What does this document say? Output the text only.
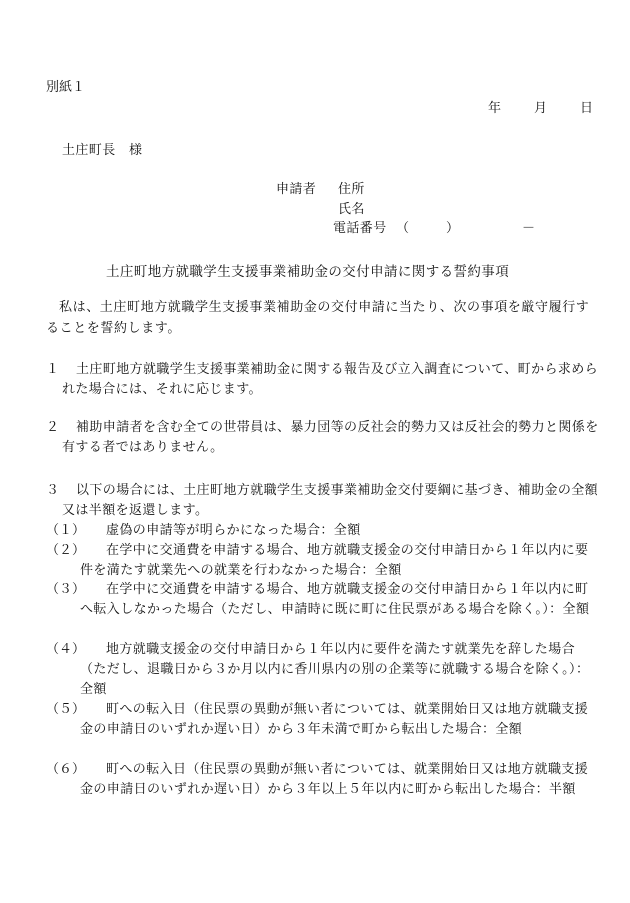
別紙１
年	月	日
土庄町長　様
申請者 住所
氏名
電話番号 （	）	－
土庄町地方就職学生支援事業補助金の交付申請に関する誓約事項
私は、土庄町地方就職学生支援事業補助金の交付申請に当たり、次の事項を厳守履行することを誓約します。
１	土庄町地方就職学生支援事業補助金に関する報告及び立入調査について、町から求められた場合には、それに応じます。
２	補助申請者を含む全ての世帯員は、暴力団等の反社会的勢力又は反社会的勢力と関係を有する者ではありません。
３	以下の場合には、土庄町地方就職学生支援事業補助金交付要綱に基づき、補助金の全額又は半額を返還します。
（１）	虚偽の申請等が明らかになった場合：全額
（２）	在学中に交通費を申請する場合、地方就職支援金の交付申請日から１年以内に要件を満たす就業先への就業を行わなかった場合：全額
（３）	在学中に交通費を申請する場合、地方就職支援金の交付申請日から１年以内に町へ転入しなかった場合（ただし、申請時に既に町に住民票がある場合を除く。）：全額
（４）	地方就職支援金の交付申請日から１年以内に要件を満たす就業先を辞した場合（ただし、退職日から３か月以内に香川県内の別の企業等に就職する場合を除く。）：全額
（５）	町への転入日（住民票の異動が無い者については、就業開始日又は地方就職支援金の申請日のいずれか遅い日）から３年未満で町から転出した場合：全額
（６）	町への転入日（住民票の異動が無い者については、就業開始日又は地方就職支援金の申請日のいずれか遅い日）から３年以上５年以内に町から転出した場合：半額
